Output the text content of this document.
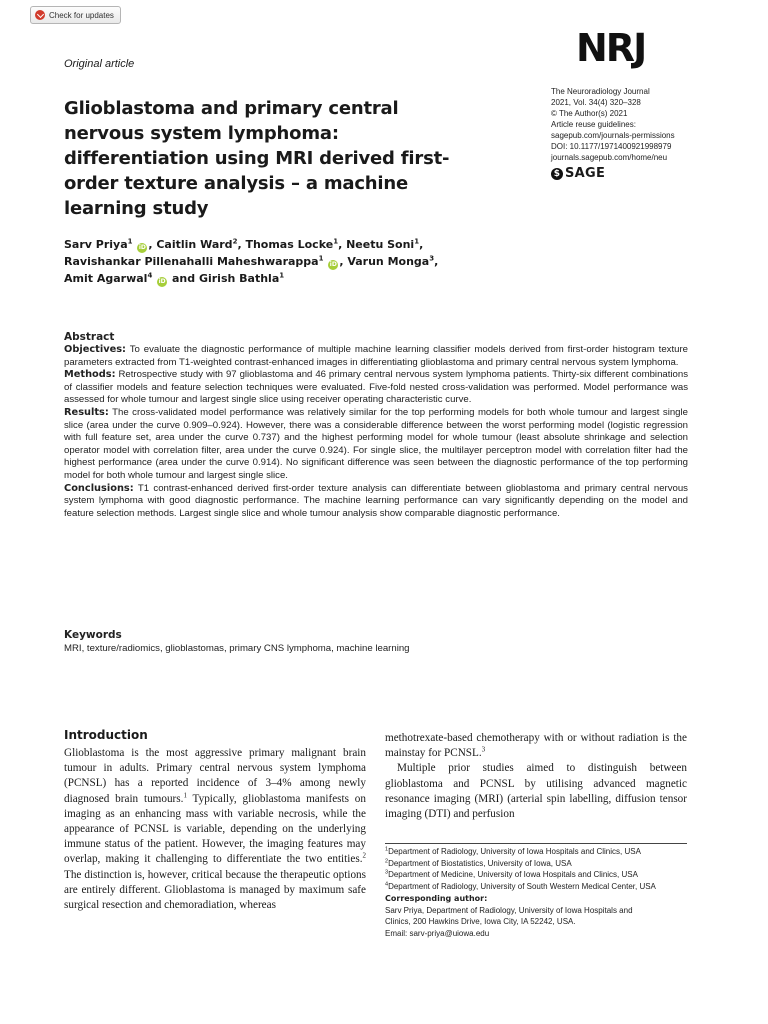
Check for updates
Original article
Glioblastoma and primary central nervous system lymphoma: differentiation using MRI derived first-order texture analysis – a machine learning study
NRJ
The Neuroradiology Journal
2021, Vol. 34(4) 320–328
© The Author(s) 2021
Article reuse guidelines:
sagepub.com/journals-permissions
DOI: 10.1177/1971400921998979
journals.sagepub.com/home/neu
$ SAGE
Sarv Priya$^1$ iD , Caitlin Ward$^2$, Thomas Locke$^1$, Neetu Soni$^1$,
Ravishankar Pillenahalli Maheshwarappa$^1$ iD , Varun Monga$^3$,
Amit Agarwal$^4$ iD and Girish Bathla$^1$
Abstract

Objectives: To evaluate the diagnostic performance of multiple machine learning classifier models derived from first-order histogram texture parameters extracted from T1-weighted contrast-enhanced images in differentiating glioblastoma and primary central nervous system lymphoma.

Methods: Retrospective study with 97 glioblastoma and 46 primary central nervous system lymphoma patients. Thirty-six different combinations of classifier models and feature selection techniques were evaluated. Five-fold nested cross-validation was performed. Model performance was assessed for whole tumour and largest single slice using receiver operating characteristic curve.

Results: The cross-validated model performance was relatively similar for the top performing models for both whole tumour and largest single slice (area under the curve 0.909–0.924). However, there was a considerable difference between the worst performing model (logistic regression with full feature set, area under the curve 0.737) and the highest performing model for whole tumour (least absolute shrinkage and selection operator model with correlation filter, area under the curve 0.924). For single slice, the multilayer perceptron model with correlation filter had the highest performance (area under the curve 0.914). No significant difference was seen between the diagnostic performance of the top performing model for both whole tumour and largest single slice.

Conclusions: T1 contrast-enhanced derived first-order texture analysis can differentiate between glioblastoma and primary central nervous system lymphoma with good diagnostic performance. The machine learning performance can vary significantly depending on the model and feature selection methods. Largest single slice and whole tumour analysis show comparable diagnostic performance.

Keywords

MRI, texture/radiomics, glioblastomas, primary CNS lymphoma, machine learning

Introduction

Glioblastoma is the most aggressive primary malignant brain tumour in adults. Primary central nervous system lymphoma (PCNSL) has a reported incidence of 3–4% among newly diagnosed brain tumours.$^1$ Typically, glioblastoma manifests on imaging as an enhancing mass with variable necrosis, while the appearance of PCNSL is variable, depending on the underlying immune status of the patient. However, the imaging features may overlap, making it challenging to differentiate the two entities.$^2$ The distinction is, however, critical because the therapeutic options are entirely different. Glioblastoma is managed by maximum safe surgical resection and chemoradiation, whereas

methotrexate-based chemotherapy with or without radiation is the mainstay for PCNSL.$^3$

Multiple prior studies aimed to distinguish between glioblastoma and PCNSL by utilising advanced magnetic resonance imaging (MRI) (arterial spin labelling, diffusion tensor imaging (DTI) and perfusion

$^1$Department of Radiology, University of Iowa Hospitals and Clinics, USA
$^2$Department of Biostatistics, University of Iowa, USA
$^3$Department of Medicine, University of Iowa Hospitals and Clinics, USA
$^4$Department of Radiology, University of South Western Medical Center, USA
Corresponding author:
Sarv Priya, Department of Radiology, University of Iowa Hospitals and
Clinics, 200 Hawkins Drive, Iowa City, IA 52242, USA.
Email: sarv-priya@uiowa.edu
